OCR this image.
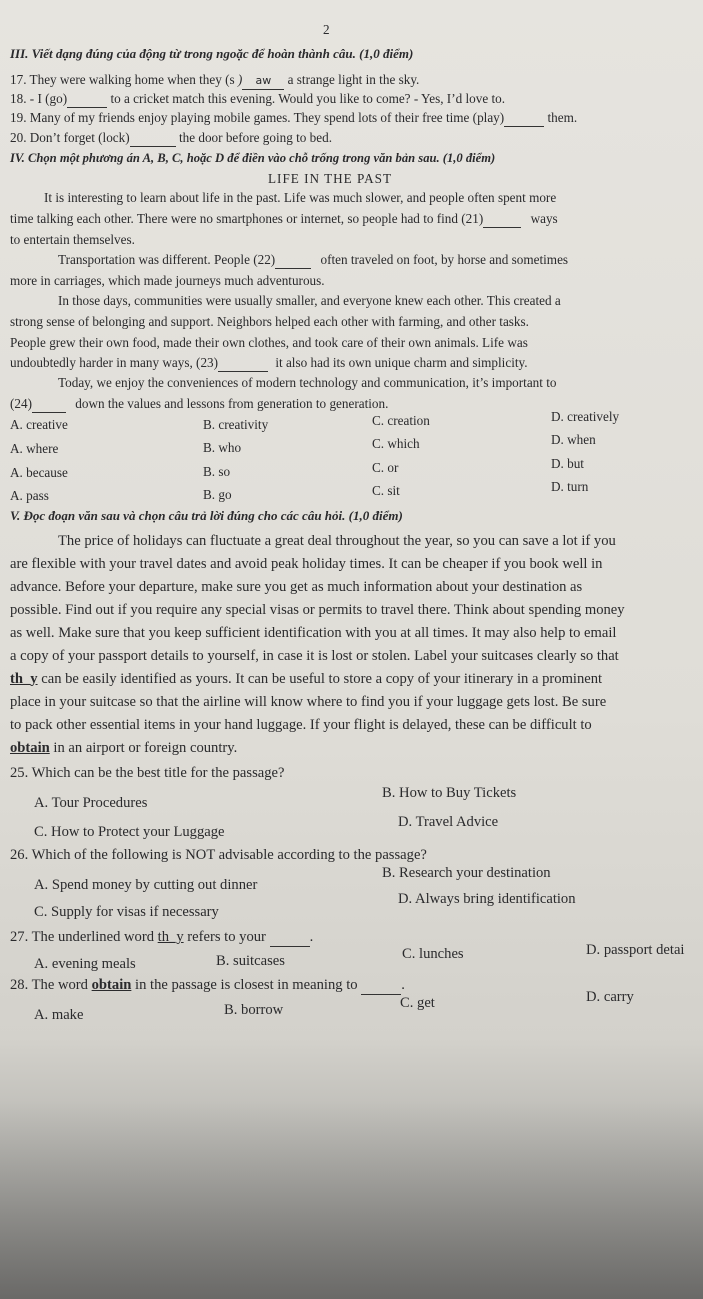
2
III. Viết dạng đúng của động từ trong ngoặc để hoàn thành câu. (1,0 điểm)
17. They were walking home when they (s ) aw a strange light in the sky.
18. - I (go)	to a cricket match this evening. Would you like to come? - Yes, I’d love to.
19. Many of my friends enjoy playing mobile games. They spend lots of their free time (play)	them.
20. Don’t forget (lock)	the door before going to bed.
IV. Chọn một phương án A, B, C, hoặc D để điền vào chỗ trống trong văn bản sau. (1,0 điểm)
LIFE IN THE PAST
It is interesting to learn about life in the past. Life was much slower, and people often spent more
time talking each other. There were no smartphones or internet, so people had to find (21)	ways
to entertain themselves.
Transportation was different. People (22)	often traveled on foot, by horse and sometimes
more in carriages, which made journeys much adventurous.
In those days, communities were usually smaller, and everyone knew each other. This created a
strong sense of belonging and support. Neighbors helped each other with farming, and other tasks.
People grew their own food, made their own clothes, and took care of their own animals. Life was
undoubtedly harder in many ways, (23)	it also had its own unique charm and simplicity.
Today, we enjoy the conveniences of modern technology and communication, it’s important to
(24)	down the values and lessons from generation to generation.
A. creative	B. creativity	C. creation	D. creatively
A. where	B. who	C. which	D. when
A. because	B. so	C. or	D. but
A. pass	B. go	C. sit	D. turn
V. Đọc đoạn văn sau và chọn câu trả lời đúng cho các câu hỏi. (1,0 điểm)
The price of holidays can fluctuate a great deal throughout the year, so you can save a lot if you
are flexible with your travel dates and avoid peak holiday times. It can be cheaper if you book well in
advance. Before your departure, make sure you get as much information about your destination as
possible. Find out if you require any special visas or permits to travel there. Think about spending money
as well. Make sure that you keep sufficient identification with you at all times. It may also help to email
a copy of your passport details to yourself, in case it is lost or stolen. Label your suitcases clearly so that
th_y can be easily identified as yours. It can be useful to store a copy of your itinerary in a prominent
place in your suitcase so that the airline will know where to find you if your luggage gets lost. Be sure
to pack other essential items in your hand luggage. If your flight is delayed, these can be difficult to
obtain in an airport or foreign country.
25. Which can be the best title for the passage?
B. How to Buy Tickets
A. Tour Procedures
D. Travel Advice
C. How to Protect your Luggage
26. Which of the following is NOT advisable according to the passage?
B. Research your destination
A. Spend money by cutting out dinner
D. Always bring identification
C. Supply for visas if necessary
27. The underlined word th_y refers to your	.
A. evening meals	B. suitcases	C. lunches	D. passport detai
28. The word obtain in the passage is closest in meaning to	.
A. make	B. borrow	C. get	D. carry
